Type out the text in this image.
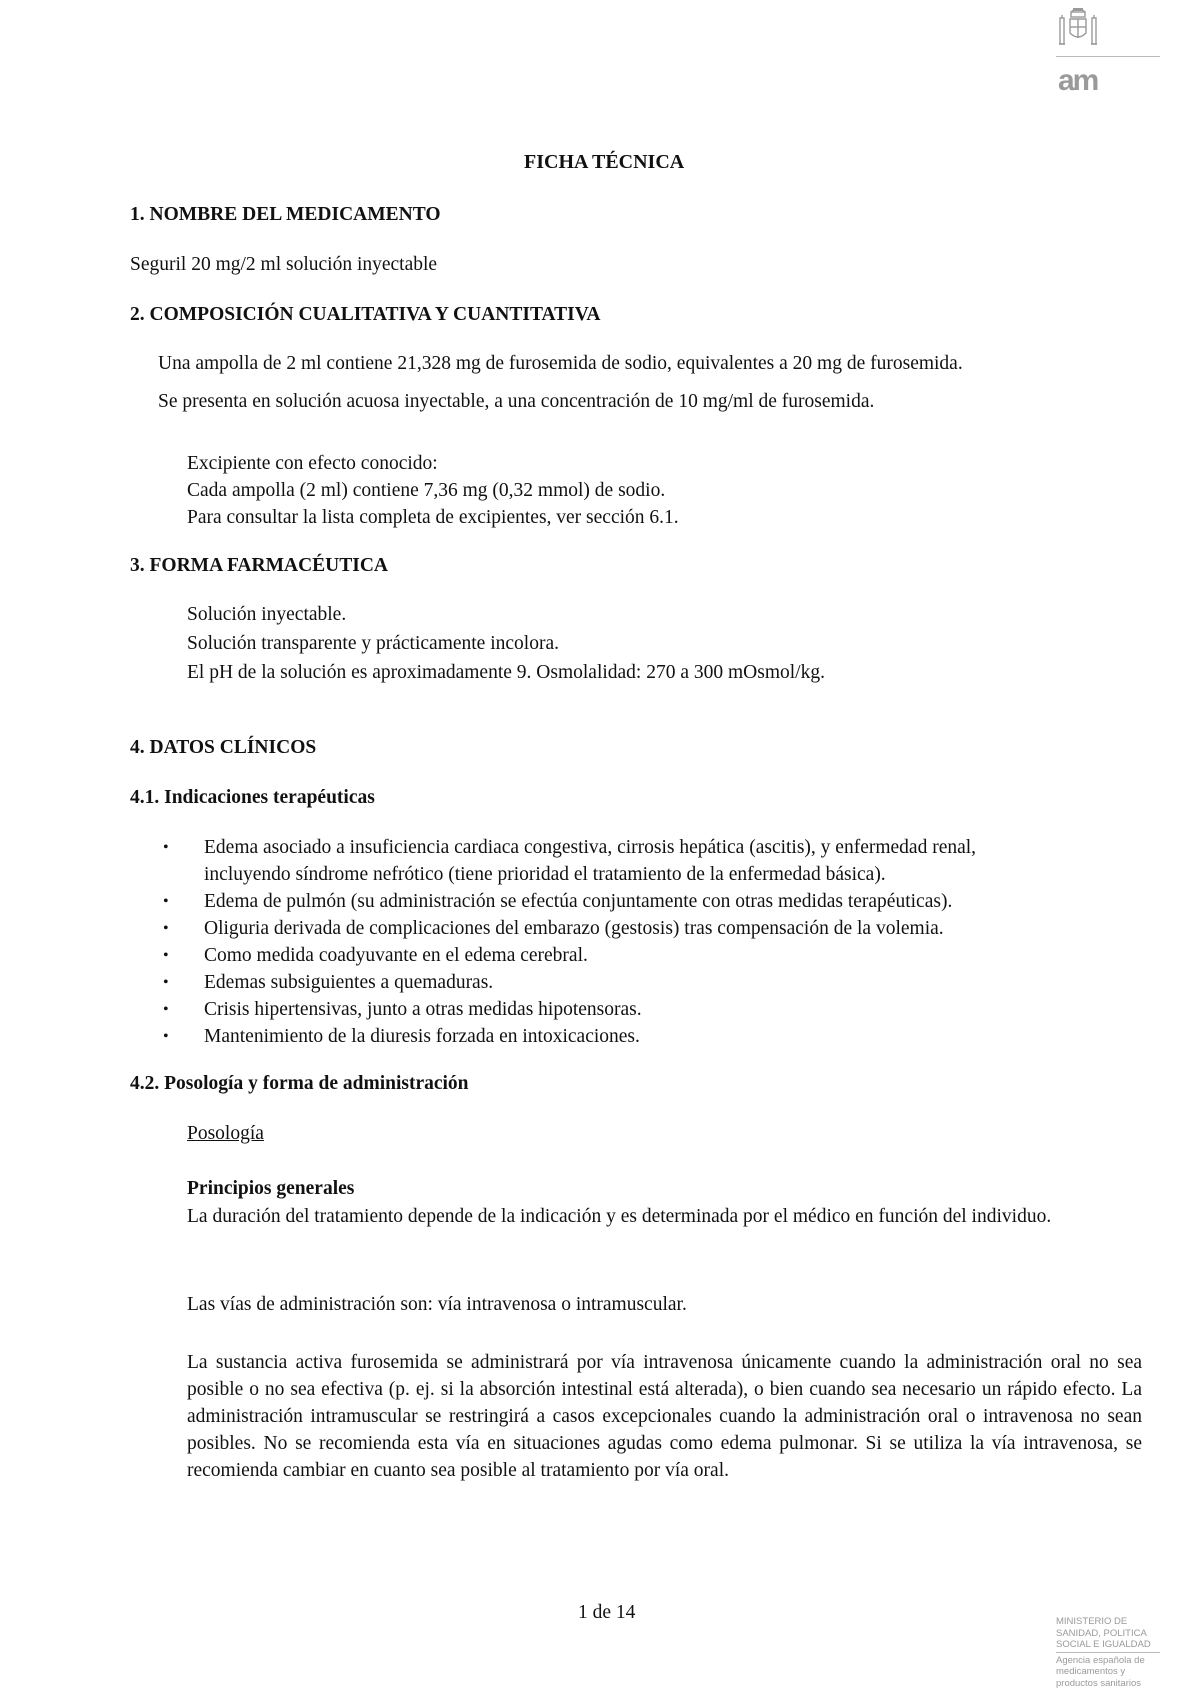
am
FICHA TÉCNICA
1. NOMBRE DEL MEDICAMENTO
Seguril 20 mg/2 ml solución inyectable
2. COMPOSICIÓN CUALITATIVA Y CUANTITATIVA
Una ampolla de 2 ml contiene 21,328 mg de furosemida de sodio, equivalentes a 20 mg de furosemida.
Se presenta en solución acuosa inyectable, a una concentración de 10 mg/ml de furosemida.
Excipiente con efecto conocido:
Cada ampolla (2 ml) contiene 7,36 mg (0,32 mmol) de sodio.
Para consultar la lista completa de excipientes, ver sección 6.1.
3. FORMA FARMACÉUTICA
Solución inyectable.
Solución transparente y prácticamente incolora.
El pH de la solución es aproximadamente 9. Osmolalidad: 270 a 300 mOsmol/kg.
4. DATOS CLÍNICOS
4.1. Indicaciones terapéuticas
• Edema asociado a insuficiencia cardiaca congestiva, cirrosis hepática (ascitis), y enfermedad renal,
incluyendo síndrome nefrótico (tiene prioridad el tratamiento de la enfermedad básica).
• Edema de pulmón (su administración se efectúa conjuntamente con otras medidas terapéuticas).
• Oliguria derivada de complicaciones del embarazo (gestosis) tras compensación de la volemia.
• Como medida coadyuvante en el edema cerebral.
• Edemas subsiguientes a quemaduras.
• Crisis hipertensivas, junto a otras medidas hipotensoras.
• Mantenimiento de la diuresis forzada en intoxicaciones.
4.2. Posología y forma de administración
Posología
Principios generales

La duración del tratamiento depende de la indicación y es determinada por el médico en función del individuo.

Las vías de administración son: vía intravenosa o intramuscular.

La sustancia activa furosemida se administrará por vía intravenosa únicamente cuando la administración oral no sea posible o no sea efectiva (p. ej. si la absorción intestinal está alterada), o bien cuando sea necesario un rápido efecto. La administración intramuscular se restringirá a casos excepcionales cuando la administración oral o intravenosa no sean posibles. No se recomienda esta vía en situaciones agudas como edema pulmonar. Si se utiliza la vía intravenosa, se recomienda cambiar en cuanto sea posible al tratamiento por vía oral.

1 de 14	MINISTERIO DE
SANIDAD, POLITICA
SOCIAL E IGUALDAD
Agencia española de
medicamentos y
productos sanitarios
